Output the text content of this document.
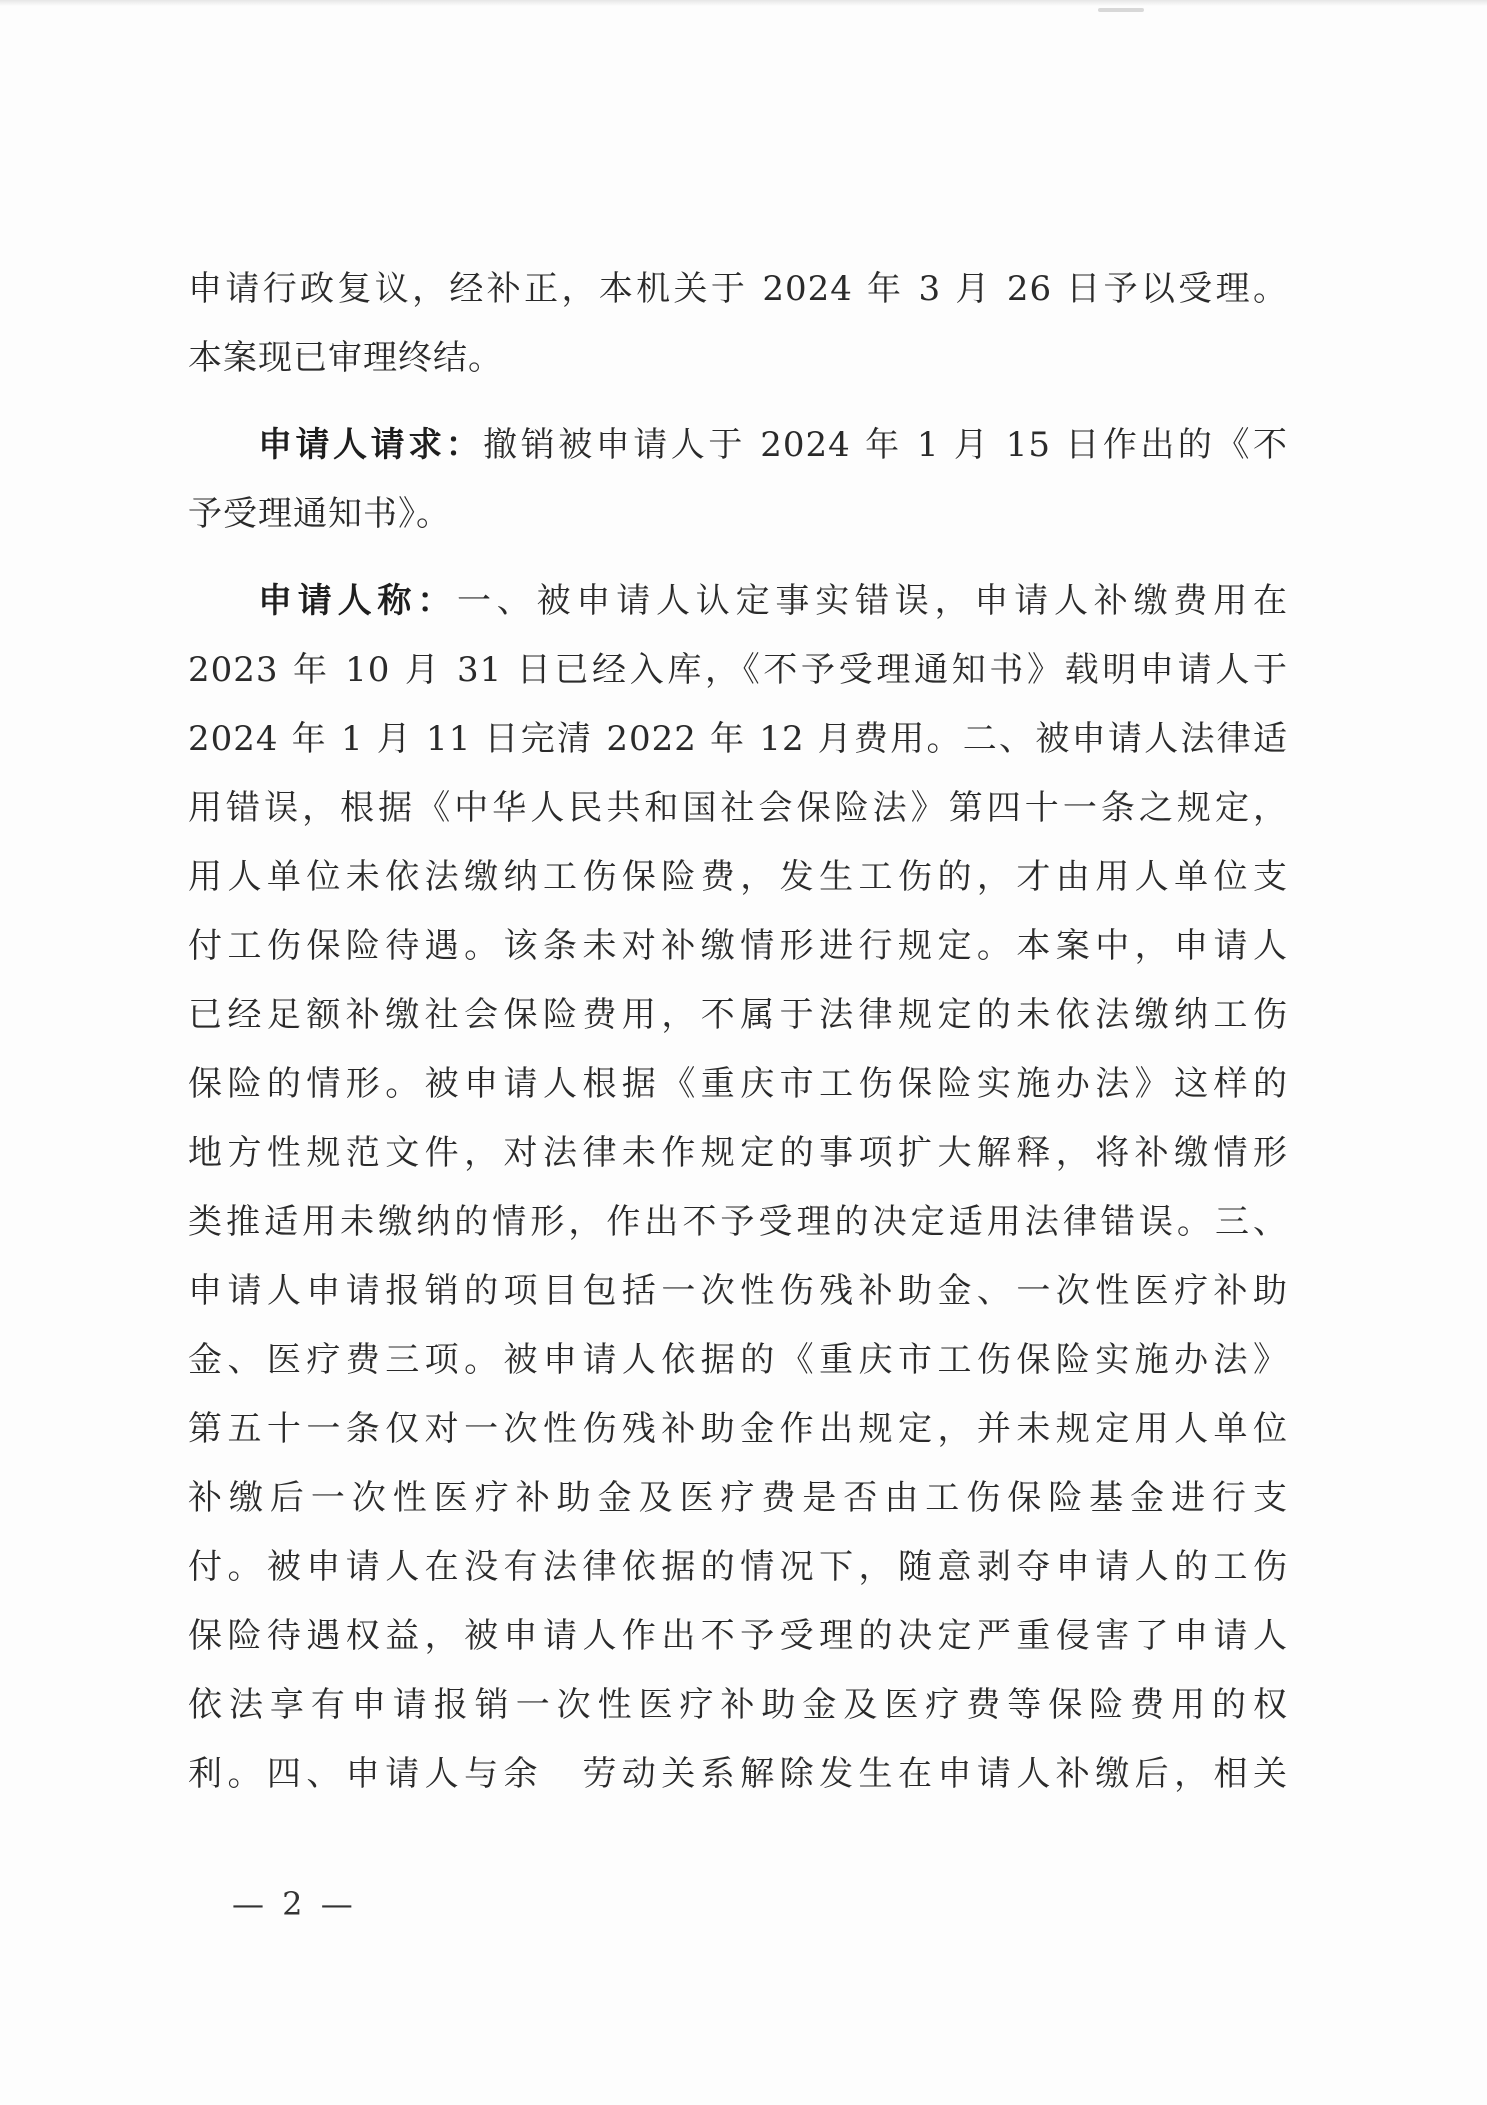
申请行政复议，经补正，本机关于 2024 年 3 月 26 日予以受理。
本案现已审理终结。
申请人请求：撤销被申请人于 2024 年 1 月 15 日作出的《不
予受理通知书》。
申请人称：一、被申请人认定事实错误，申请人补缴费用在
2023 年 10 月 31 日已经入库，《不予受理通知书》载明申请人于
2024 年 1 月 11 日完清 2022 年 12 月费用。二、被申请人法律适
用错误，根据《中华人民共和国社会保险法》第四十一条之规定，
用人单位未依法缴纳工伤保险费，发生工伤的，才由用人单位支
付工伤保险待遇。该条未对补缴情形进行规定。本案中，申请人
已经足额补缴社会保险费用，不属于法律规定的未依法缴纳工伤
保险的情形。被申请人根据《重庆市工伤保险实施办法》这样的
地方性规范文件，对法律未作规定的事项扩大解释，将补缴情形
类推适用未缴纳的情形，作出不予受理的决定适用法律错误。三、
申请人申请报销的项目包括一次性伤残补助金、一次性医疗补助
金、医疗费三项。被申请人依据的《重庆市工伤保险实施办法》
第五十一条仅对一次性伤残补助金作出规定，并未规定用人单位
补缴后一次性医疗补助金及医疗费是否由工伤保险基金进行支
付。被申请人在没有法律依据的情况下，随意剥夺申请人的工伤
保险待遇权益，被申请人作出不予受理的决定严重侵害了申请人
依法享有申请报销一次性医疗补助金及医疗费等保险费用的权
利。四、申请人与余　劳动关系解除发生在申请人补缴后，相关
— 2 —
